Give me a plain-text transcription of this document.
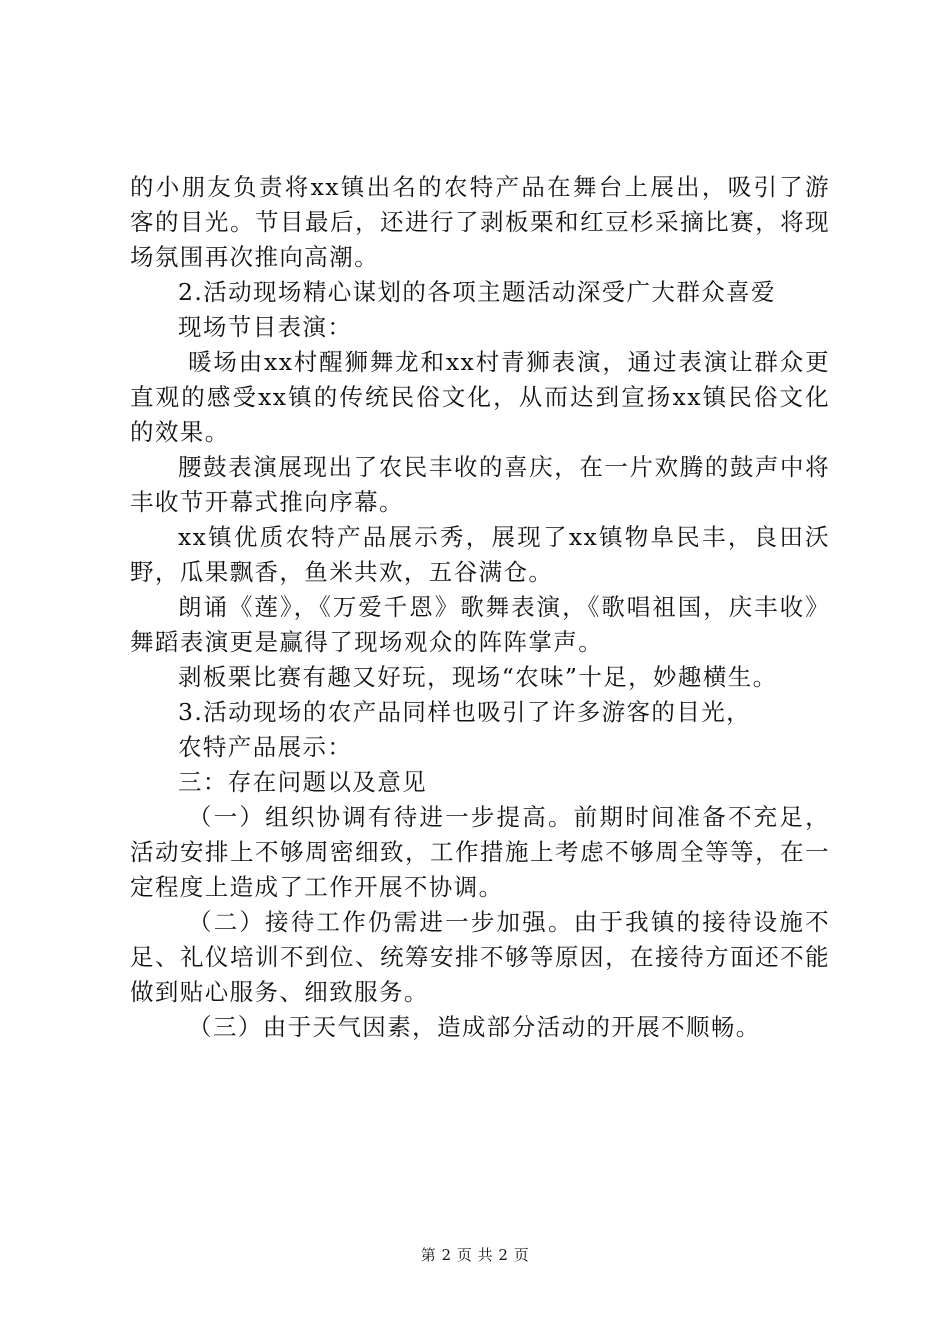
的小朋友负责将xx镇出名的农特产品在舞台上展出，吸引了游客的目光。节目最后，还进行了剥板栗和红豆杉采摘比赛，将现场氛围再次推向高潮。

2.活动现场精心谋划的各项主题活动深受广大群众喜爱

现场节目表演：

暖场由xx村醒狮舞龙和xx村青狮表演，通过表演让群众更直观的感受xx镇的传统民俗文化，从而达到宣扬xx镇民俗文化的效果。

腰鼓表演展现出了农民丰收的喜庆，在一片欢腾的鼓声中将丰收节开幕式推向序幕。

xx镇优质农特产品展示秀，展现了xx镇物阜民丰，良田沃野，瓜果飘香，鱼米共欢，五谷满仓。

朗诵《莲》，《万爱千恩》歌舞表演，《歌唱祖国，庆丰收》舞蹈表演更是赢得了现场观众的阵阵掌声。

剥板栗比赛有趣又好玩，现场“农味”十足，妙趣横生。

3.活动现场的农产品同样也吸引了许多游客的目光，

农特产品展示：

三：存在问题以及意见

（一）组织协调有待进一步提高。前期时间准备不充足，活动安排上不够周密细致，工作措施上考虑不够周全等等，在一定程度上造成了工作开展不协调。

（二）接待工作仍需进一步加强。由于我镇的接待设施不足、礼仪培训不到位、统筹安排不够等原因，在接待方面还不能做到贴心服务、细致服务。

（三）由于天气因素，造成部分活动的开展不顺畅。

第 2 页 共 2 页
